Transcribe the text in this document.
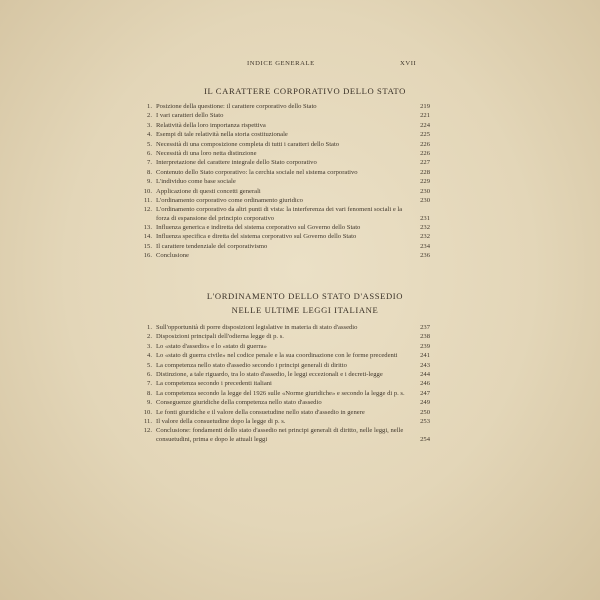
INDICE GENERALE	XVII
IL CARATTERE CORPORATIVO DELLO STATO
1. Posizione della questione: il carattere corporativo dello Stato	219
2. I vari caratteri dello Stato	221
3. Relatività della loro importanza rispettiva	224
4. Esempi di tale relatività nella storia costituzionale	225
5. Necessità di una composizione completa di tutti i caratteri dello Stato	226
6. Necessità di una loro netta distinzione	226
7. Interpretazione del carattere integrale dello Stato corporativo	227
8. Contenuto dello Stato corporativo: la cerchia sociale nel sistema corporativo	228
9. L'individuo come base sociale	229
10. Applicazione di questi concetti generali	230
11. L'ordinamento corporativo come ordinamento giuridico	230
12. L'ordinamento corporativo da altri punti di vista: la interferenza dei vari fenomeni sociali e la forza di espansione del principio corporativo	231
13. Influenza generica e indiretta del sistema corporativo sul Governo dello Stato	232
14. Influenza specifica e diretta del sistema corporativo sul Governo dello Stato	232
15. Il carattere tendenziale del corporativismo	234
16. Conclusione	236
L'ORDINAMENTO DELLO STATO D'ASSEDIO
NELLE ULTIME LEGGI ITALIANE
1. Sull'opportunità di porre disposizioni legislative in materia di stato d'assedio	237
2. Disposizioni principali dell'odierna legge di p. s.	238
3. Lo «stato d'assedio» e lo «stato di guerra»	239
4. Lo «stato di guerra civile» nel codice penale e la sua coordinazione con le forme precedenti	241
5. La competenza nello stato d'assedio secondo i principi generali di diritto	243
6. Distinzione, a tale riguardo, tra lo stato d'assedio, le leggi eccezionali e i decreti-legge	244
7. La competenza secondo i precedenti italiani	246
8. La competenza secondo la legge del 1926 sulle «Norme giuridiche» e secondo la legge di p. s.	247
9. Conseguenze giuridiche della competenza nello stato d'assedio	249
10. Le fonti giuridiche e il valore della consuetudine nello stato d'assedio in genere	250
11. Il valore della consuetudine dopo la legge di p. s.	253
12. Conclusione: fondamenti dello stato d'assedio nei principi generali di diritto, nelle leggi, nelle consuetudini, prima e dopo le attuali leggi	254
